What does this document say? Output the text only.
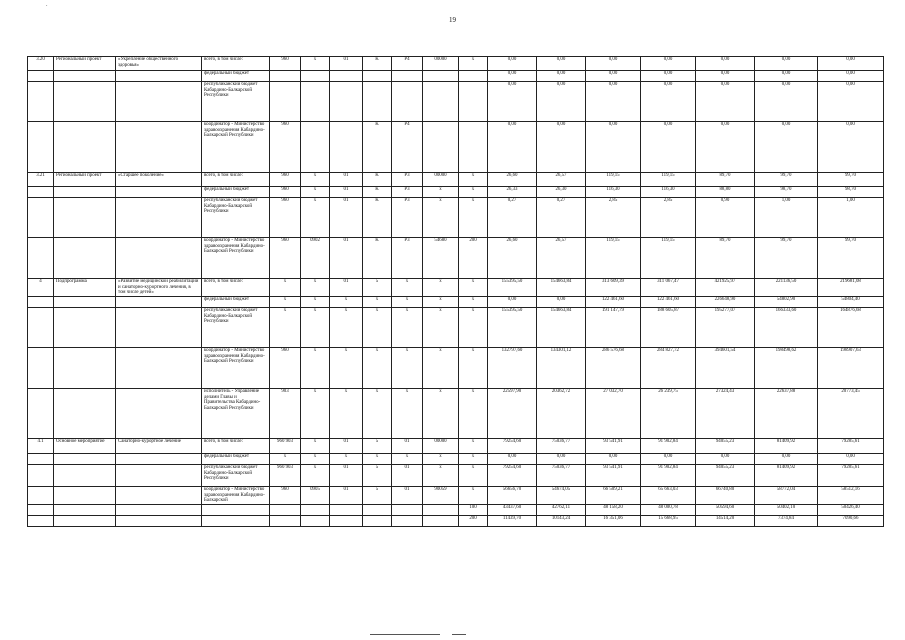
.
19
3.20	Региональный проект	«Укрепление общественного здоровья»	всего, в том числе:	960	x	01	K	P4	00000	x	0,00	0,00	0,00	0,00	0,00	0,00	0,00
			федеральный бюджет								0,00	0,00	0,00	0,00	0,00	0,00	0,00
			республиканский бюджет Кабардино-Балкарской Республики								0,00	0,00	0,00	0,00	0,00	0,00	0,00
			координатор - Министерство здравоохранения Кабардино-Балкарской Республики	960			K	P4			0,00	0,00	0,00	0,00	0,00	0,00	0,00
3.21	Региональный проект	«Старшее поколение»	всего, в том числе:	960	x	01	K	P3	00000	x	26,60	26,57	119,15	119,15	89,70	99,70	99,70
			федеральный бюджет	960	x	01	K	P3	x	x	26,33	26,30	116,30	116,30	88,80	98,70	98,70
			республиканский бюджет Кабардино-Балкарской Республики	960	x	01	K	P3	x	x	0,27	0,27	2,85	2,85	0,90	1,00	1,00
			координатор - Министерство здравоохранения Кабардино-Балкарской Республики	960	0902	01	K	P3	54680	200	26,60	26,57	119,15	119,15	89,70	99,70	99,70
4	Подпрограмма	«Развитие медицинской реабилитации и санаторно-курортного лечения, в том числе детей»	всего, в том числе:	x	x	01	5	x	x	x	155395,50	154663,84	313 609,39	311 067,47	421925,97	221136,50	219681,08
			федеральный бюджет	x	x	x	x	x	x	x	0,00	0,00	122 461,60	122 461,60	226648,90	54802,90	54804,40
			республиканский бюджет Кабардино-Балкарской Республики	x	x	x	x	x	x	x	155395,50	154663,84	191 147,79	188 605,87	195277,07	166333,60	164876,68
			координатор - Министерство здравоохранения Кабардино-Балкарской Республики	960	x	x	x	x	x	x	132797,60	134301,12	286 576,68	284 827,72	394601,54	198498,62	198907,63
			исполнитель - Управление делами Главы и Правительства Кабардино-Балкарской Республики	903	x	x	x	x	x	x	22597,90	20362,72	27 032,70	26 239,75	27324,43	22637,88	20773,45
4.1	Основное мероприятие	Санаторно-курортное лечение	всего, в том числе:	960 903	x	01	5	01	00000	x	79254,60	75036,77	93 541,91	91 902,84	94055,23	81409,92	79285,61
			федеральный бюджет	x	x	x	x	x	x	x	0,00	0,00	0,00	0,00	0,00	0,00	0,00
			республиканский бюджет Кабардино-Балкарской Республики	960 903	x	01	5	01	x	x	79254,60	75036,77	93 541,91	91 902,84	94055,23	81409,92	79285,61
			координатор - Министерство здравоохранения Кабардино-Балкарской	960	0905	01	5	01	90059	x	56656,70	54674,05	66 509,21	65 663,03	66740,80	58772,04	58512,16
										100	43437,60	42762,11	48 158,20	48 000,78	50594,60	50402,10	50426,40
										200	11439,70	10143,24	16 351,06	15 668,95	14514,20	7374,84	7090,66
